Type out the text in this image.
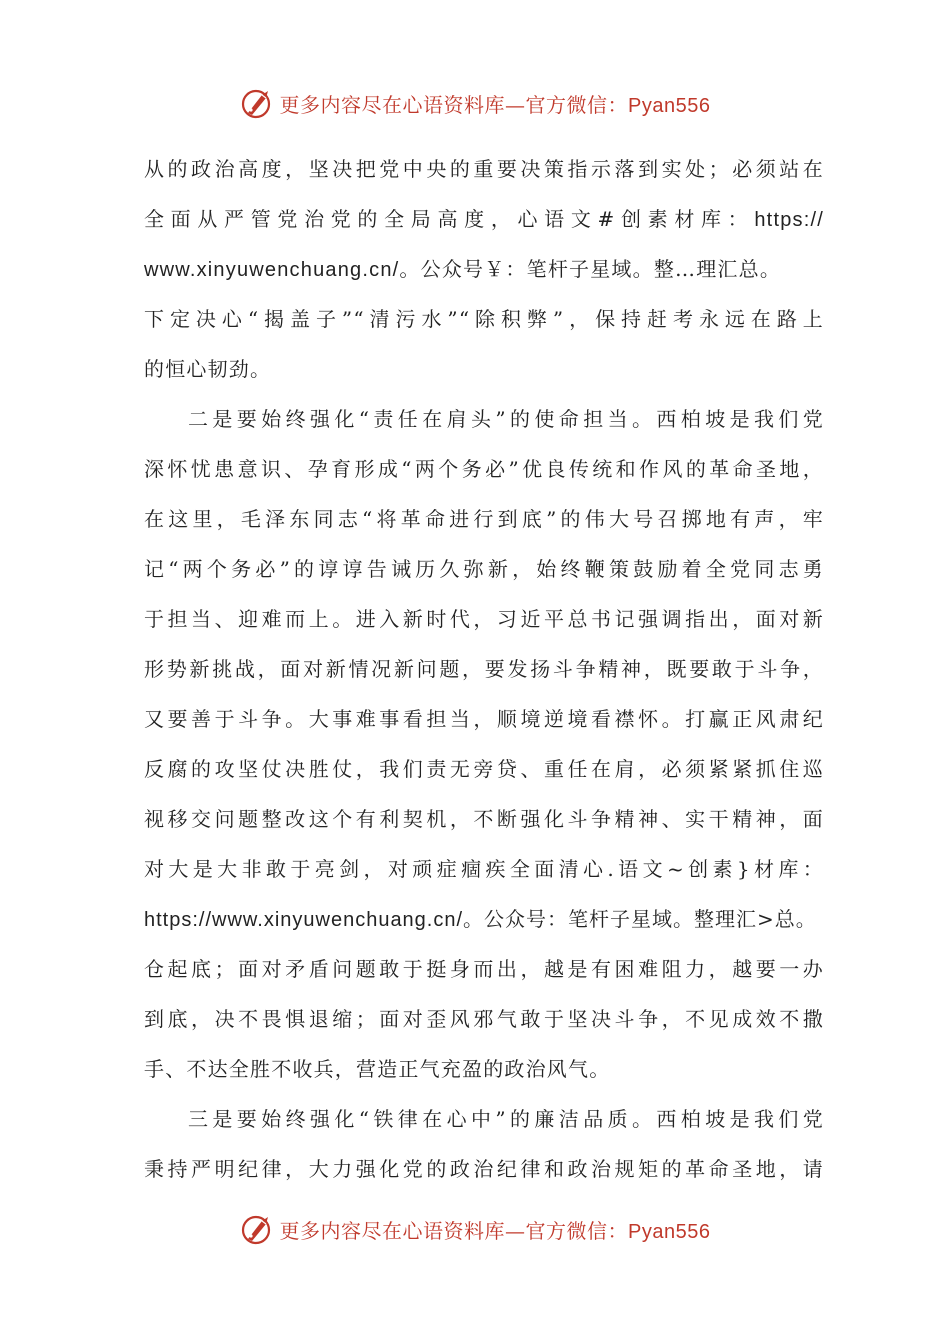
更多内容尽在心语资料库—官方微信：Pyan556
从的政治高度，坚决把党中央的重要决策指示落到实处；必须站在
全面从严管党治党的全局高度，心语文#创素材库：https://
www.xinyuwenchuang.cn/。公众号￥：笔杆子星域。整…理汇总。
下定决心“揭盖子”“清污水”“除积弊”，保持赶考永远在路上
的恒心韧劲。
二是要始终强化“责任在肩头”的使命担当。西柏坡是我们党
深怀忧患意识、孕育形成“两个务必”优良传统和作风的革命圣地，
在这里，毛泽东同志“将革命进行到底”的伟大号召掷地有声，牢
记“两个务必”的谆谆告诫历久弥新，始终鞭策鼓励着全党同志勇
于担当、迎难而上。进入新时代，习近平总书记强调指出，面对新
形势新挑战，面对新情况新问题，要发扬斗争精神，既要敢于斗争，
又要善于斗争。大事难事看担当，顺境逆境看襟怀。打赢正风肃纪
反腐的攻坚仗决胜仗，我们责无旁贷、重任在肩，必须紧紧抓住巡
视移交问题整改这个有利契机，不断强化斗争精神、实干精神，面
对大是大非敢于亮剑，对顽症痼疾全面清心.语文~创素}材库：
https://www.xinyuwenchuang.cn/。公众号：笔杆子星域。整理汇>总。
仓起底；面对矛盾问题敢于挺身而出，越是有困难阻力，越要一办
到底，决不畏惧退缩；面对歪风邪气敢于坚决斗争，不见成效不撒
手、不达全胜不收兵，营造正气充盈的政治风气。
三是要始终强化“铁律在心中”的廉洁品质。西柏坡是我们党
秉持严明纪律，大力强化党的政治纪律和政治规矩的革命圣地，请
更多内容尽在心语资料库—官方微信：Pyan556
